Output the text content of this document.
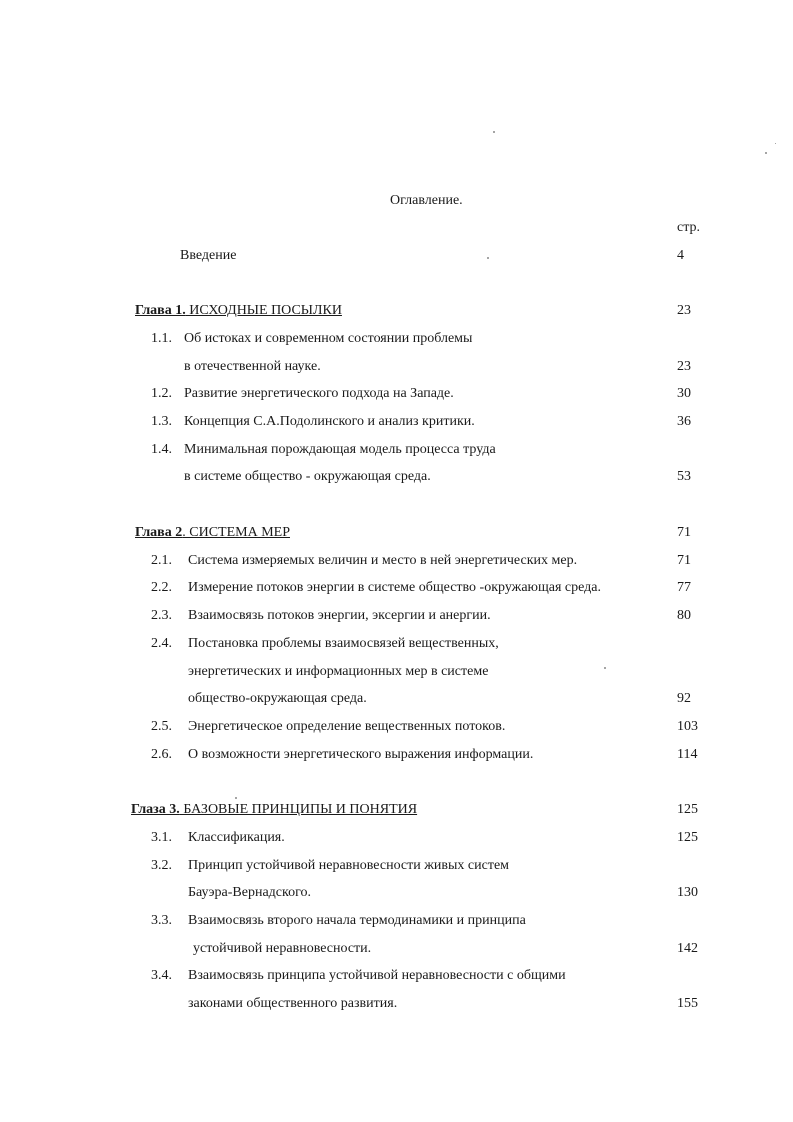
Оглавление.
стр.
Введение	4
Глава 1. ИСХОДНЫЕ ПОСЫЛКИ	23
1.1. Об истоках и современном состоянии проблемы
в отечественной науке.	23
1.2. Развитие энергетического подхода на Западе.	30
1.3. Концепция С.А.Подолинского и анализ критики.	36
1.4. Минимальная порождающая модель процесса труда
в системе общество - окружающая среда.	53
Глава 2. СИСТЕМА МЕР	71
2.1. Система измеряемых величин и место в ней энергетических мер.	71
2.2. Измерение потоков энергии в системе общество -окружающая среда.	77
2.3. Взаимосвязь потоков энергии, эксергии и анергии.	80
2.4. Постановка проблемы взаимосвязей вещественных,
энергетических и информационных мер в системе
общество-окружающая среда.	92
2.5. Энергетическое определение вещественных потоков.	103
2.6. О возможности энергетического выражения информации.	114
Глаза 3. БАЗОВЫЕ ПРИНЦИПЫ И ПОНЯТИЯ	125
3.1. Классификация.	125
3.2. Принцип устойчивой неравновесности живых систем
Бауэра-Вернадского.	130
3.3. Взаимосвязь второго начала термодинамики и принципа
устойчивой неравновесности.	142
3.4. Взаимосвязь принципа устойчивой неравновесности с общими
законами общественного развития.	155
